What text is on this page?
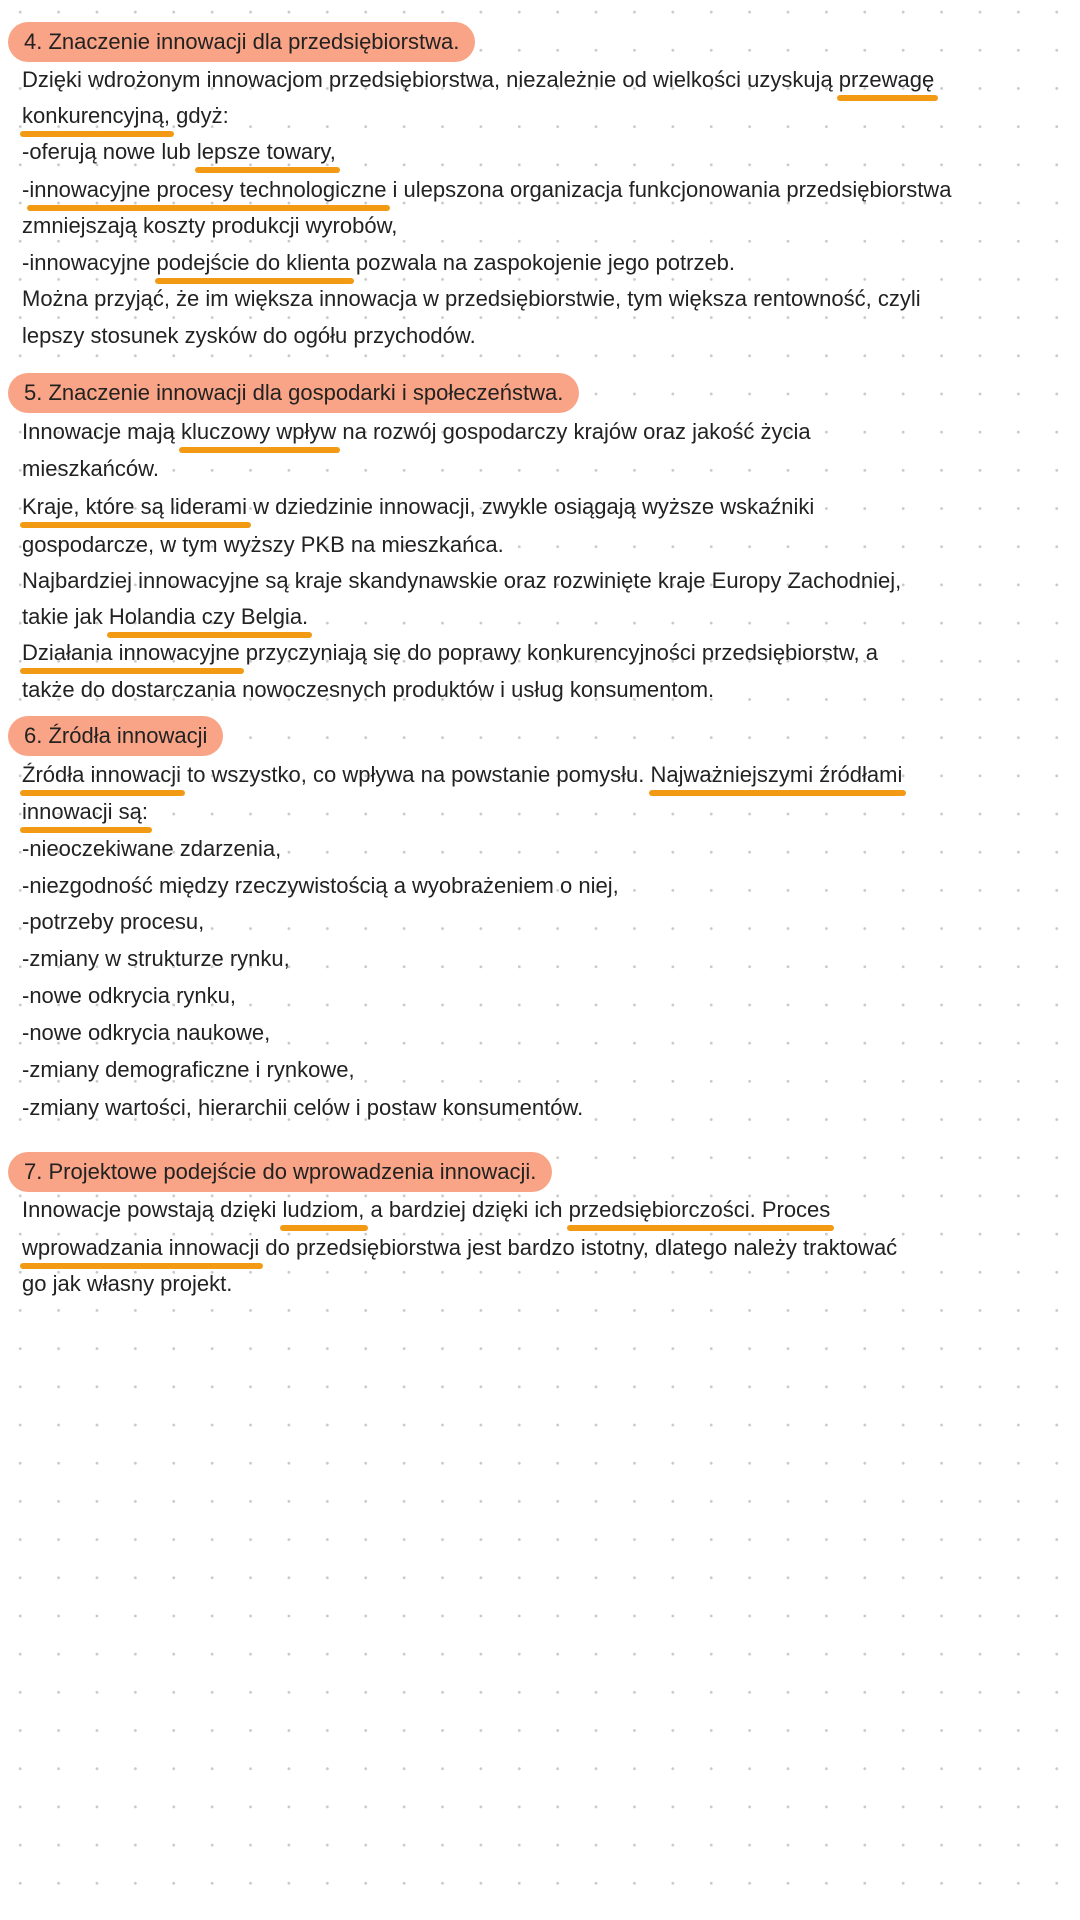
4. Znaczenie innowacji dla przedsiębiorstwa.
Dzięki wdrożonym innowacjom przedsiębiorstwa, niezależnie od wielkości uzyskują przewagę
konkurencyjną, gdyż:
-oferują nowe lub lepsze towary,
-innowacyjne procesy technologiczne i ulepszona organizacja funkcjonowania przedsiębiorstwa
zmniejszają koszty produkcji wyrobów,
-innowacyjne podejście do klienta pozwala na zaspokojenie jego potrzeb.
Można przyjąć, że im większa innowacja w przedsiębiorstwie, tym większa rentowność, czyli
lepszy stosunek zysków do ogółu przychodów.
5. Znaczenie innowacji dla gospodarki i społeczeństwa.
Innowacje mają kluczowy wpływ na rozwój gospodarczy krajów oraz jakość życia
mieszkańców.
Kraje, które są liderami w dziedzinie innowacji, zwykle osiągają wyższe wskaźniki
gospodarcze, w tym wyższy PKB na mieszkańca.
Najbardziej innowacyjne są kraje skandynawskie oraz rozwinięte kraje Europy Zachodniej,
takie jak Holandia czy Belgia.
Działania innowacyjne przyczyniają się do poprawy konkurencyjności przedsiębiorstw, a
także do dostarczania nowoczesnych produktów i usług konsumentom.
6. Źródła innowacji
Źródła innowacji to wszystko, co wpływa na powstanie pomysłu. Najważniejszymi źródłami
innowacji są:
-nieoczekiwane zdarzenia,
-niezgodność między rzeczywistością a wyobrażeniem o niej,
-potrzeby procesu,
-zmiany w strukturze rynku,
-nowe odkrycia rynku,
-nowe odkrycia naukowe,
-zmiany demograficzne i rynkowe,
-zmiany wartości, hierarchii celów i postaw konsumentów.
7. Projektowe podejście do wprowadzenia innowacji.
Innowacje powstają dzięki ludziom, a bardziej dzięki ich przedsiębiorczości. Proces
wprowadzania innowacji do przedsiębiorstwa jest bardzo istotny, dlatego należy traktować
go jak własny projekt.
